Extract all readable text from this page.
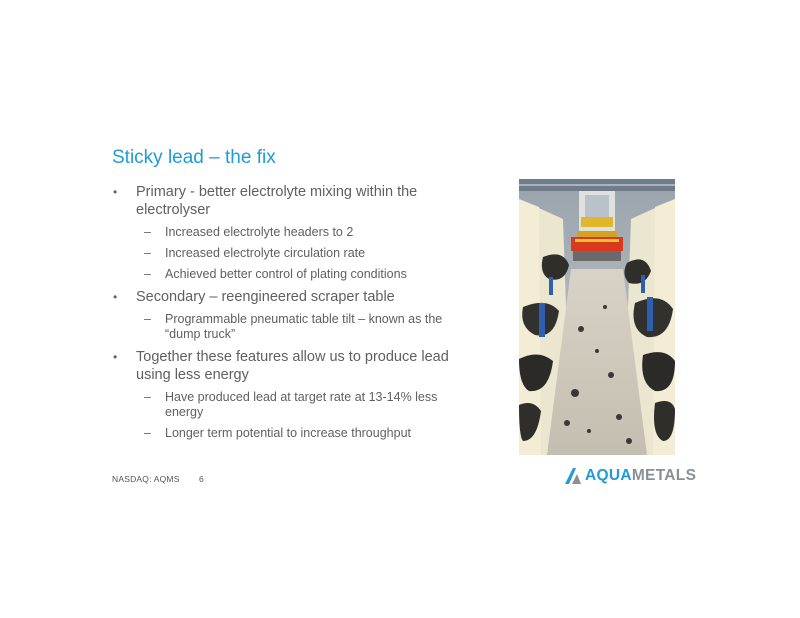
Sticky lead – the fix
• Primary - better electrolyte mixing within the electrolyser
– Increased electrolyte headers to 2
– Increased electrolyte circulation rate
– Achieved better control of plating conditions
• Secondary – reengineered scraper table
– Programmable pneumatic table tilt – known as the “dump truck”
• Together these features allow us to produce lead using less energy
– Have produced lead at target rate at 13-14% less energy
– Longer term potential to increase throughput
NASDAQ: AQMS 6	AQUAMETALS
